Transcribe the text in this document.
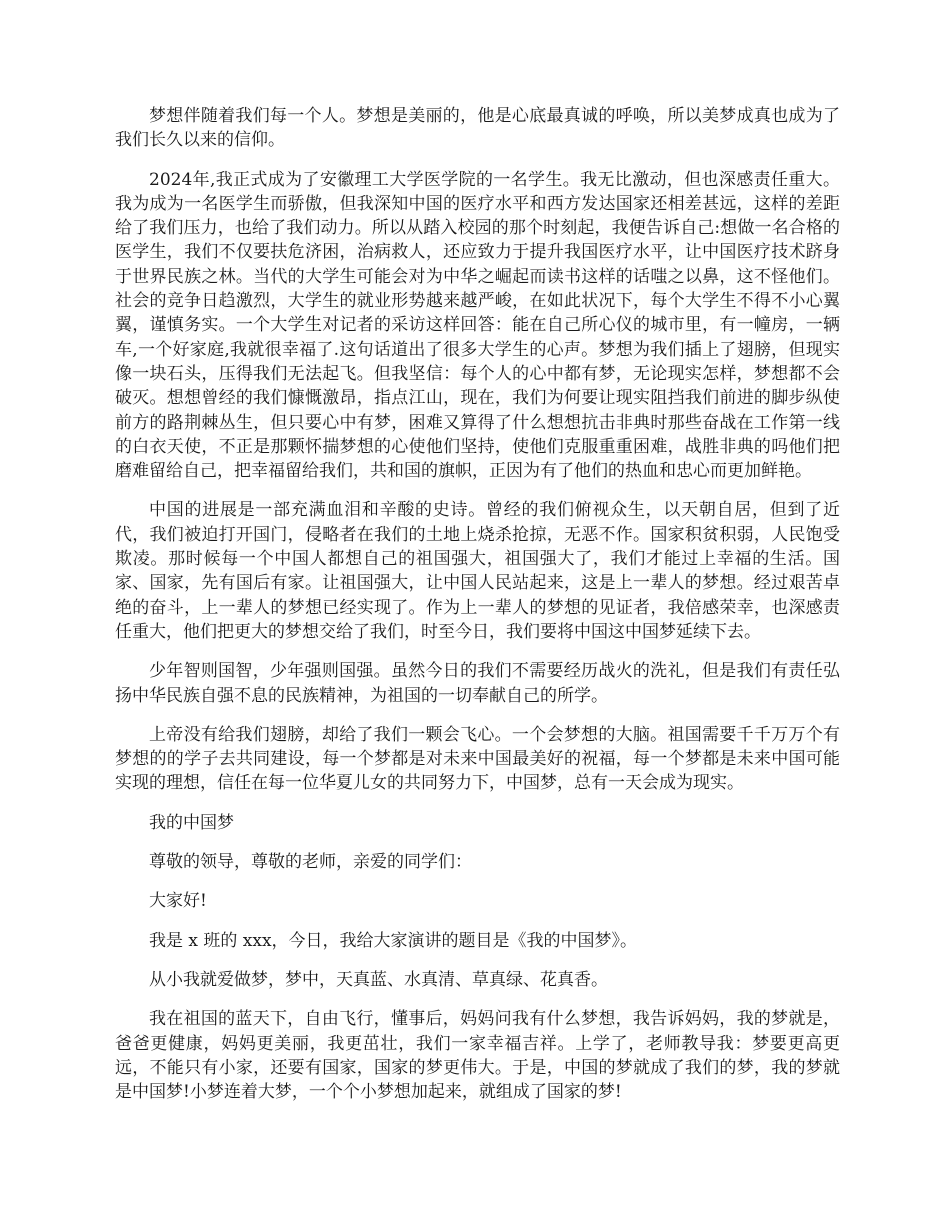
梦想伴随着我们每一个人。梦想是美丽的，他是心底最真诚的呼唤，所以美梦成真也成为了我们长久以来的信仰。

2024年,我正式成为了安徽理工大学医学院的一名学生。我无比激动，但也深感责任重大。我为成为一名医学生而骄傲，但我深知中国的医疗水平和西方发达国家还相差甚远，这样的差距给了我们压力，也给了我们动力。所以从踏入校园的那个时刻起，我便告诉自己:想做一名合格的医学生，我们不仅要扶危济困，治病救人，还应致力于提升我国医疗水平，让中国医疗技术跻身于世界民族之林。当代的大学生可能会对为中华之崛起而读书这样的话嗤之以鼻，这不怪他们。社会的竞争日趋激烈，大学生的就业形势越来越严峻，在如此状况下，每个大学生不得不小心翼翼，谨慎务实。一个大学生对记者的采访这样回答：能在自己所心仪的城市里，有一幢房，一辆车,一个好家庭,我就很幸福了.这句话道出了很多大学生的心声。梦想为我们插上了翅膀，但现实像一块石头，压得我们无法起飞。但我坚信：每个人的心中都有梦，无论现实怎样，梦想都不会破灭。想想曾经的我们慷慨激昂，指点江山，现在，我们为何要让现实阻挡我们前进的脚步纵使前方的路荆棘丛生，但只要心中有梦，困难又算得了什么想想抗击非典时那些奋战在工作第一线的白衣天使，不正是那颗怀揣梦想的心使他们坚持，使他们克服重重困难，战胜非典的吗他们把磨难留给自己，把幸福留给我们，共和国的旗帜，正因为有了他们的热血和忠心而更加鲜艳。

中国的进展是一部充满血泪和辛酸的史诗。曾经的我们俯视众生，以天朝自居，但到了近代，我们被迫打开国门，侵略者在我们的土地上烧杀抢掠，无恶不作。国家积贫积弱，人民饱受欺凌。那时候每一个中国人都想自己的祖国强大，祖国强大了，我们才能过上幸福的生活。国家、国家，先有国后有家。让祖国强大，让中国人民站起来，这是上一辈人的梦想。经过艰苦卓绝的奋斗，上一辈人的梦想已经实现了。作为上一辈人的梦想的见证者，我倍感荣幸，也深感责任重大，他们把更大的梦想交给了我们，时至今日，我们要将中国这中国梦延续下去。

少年智则国智，少年强则国强。虽然今日的我们不需要经历战火的洗礼，但是我们有责任弘扬中华民族自强不息的民族精神，为祖国的一切奉献自己的所学。

上帝没有给我们翅膀，却给了我们一颗会飞心。一个会梦想的大脑。祖国需要千千万万个有梦想的的学子去共同建设，每一个梦都是对未来中国最美好的祝福，每一个梦都是未来中国可能实现的理想，信任在每一位华夏儿女的共同努力下，中国梦，总有一天会成为现实。

我的中国梦

尊敬的领导，尊敬的老师，亲爱的同学们：

大家好!

我是 x 班的 xxx，今日，我给大家演讲的题目是《我的中国梦》。

从小我就爱做梦，梦中，天真蓝、水真清、草真绿、花真香。

我在祖国的蓝天下，自由飞行，懂事后，妈妈问我有什么梦想，我告诉妈妈，我的梦就是，爸爸更健康，妈妈更美丽，我更茁壮，我们一家幸福吉祥。上学了，老师教导我：梦要更高更远，不能只有小家，还要有国家，国家的梦更伟大。于是，中国的梦就成了我们的梦，我的梦就是中国梦!小梦连着大梦，一个个小梦想加起来，就组成了国家的梦!
